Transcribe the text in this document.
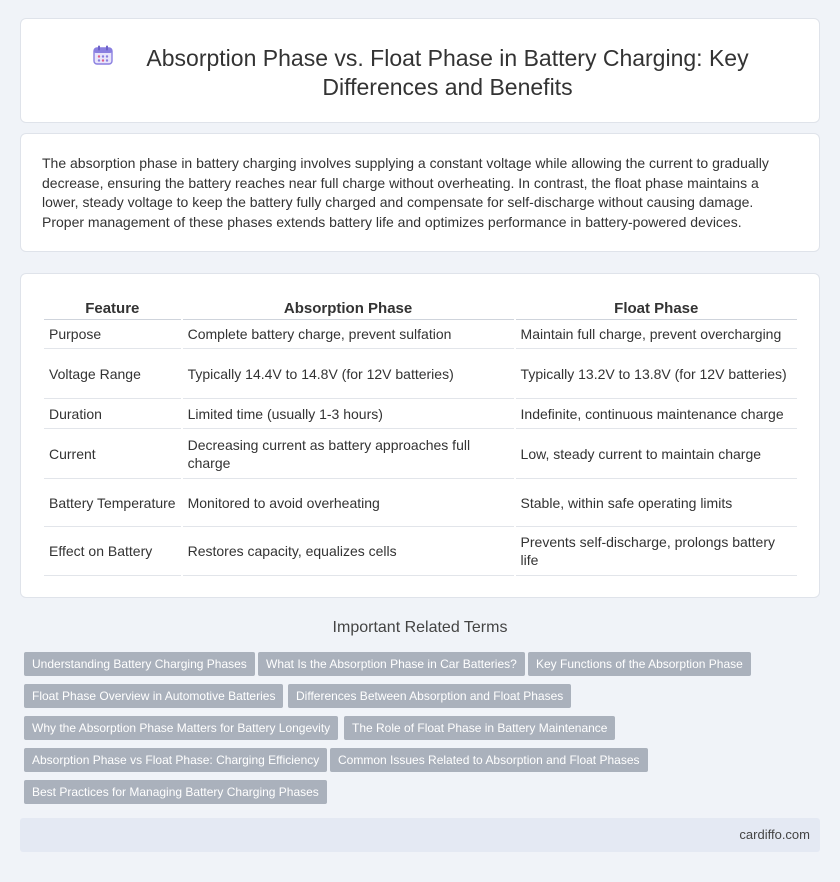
Absorption Phase vs. Float Phase in Battery Charging: Key Differences and Benefits

The absorption phase in battery charging involves supplying a constant voltage while allowing the current to gradually decrease, ensuring the battery reaches near full charge without overheating. In contrast, the float phase maintains a lower, steady voltage to keep the battery fully charged and compensate for self-discharge without causing damage. Proper management of these phases extends battery life and optimizes performance in battery-powered devices.

Feature	Absorption Phase	Float Phase
Purpose	Complete battery charge, prevent sulfation	Maintain full charge, prevent overcharging
Voltage Range	Typically 14.4V to 14.8V (for 12V batteries)	Typically 13.2V to 13.8V (for 12V batteries)
Duration	Limited time (usually 1-3 hours)	Indefinite, continuous maintenance charge
Current	Decreasing current as battery approaches full charge	Low, steady current to maintain charge
Battery Temperature	Monitored to avoid overheating	Stable, within safe operating limits
Effect on Battery	Restores capacity, equalizes cells	Prevents self-discharge, prolongs battery life
Important Related Terms
Understanding Battery Charging Phases	What Is the Absorption Phase in Car Batteries?	Key Functions of the Absorption Phase
Float Phase Overview in Automotive Batteries	Differences Between Absorption and Float Phases
Why the Absorption Phase Matters for Battery Longevity	The Role of Float Phase in Battery Maintenance
Absorption Phase vs Float Phase: Charging Efficiency	Common Issues Related to Absorption and Float Phases
Best Practices for Managing Battery Charging Phases
cardiffo.com
